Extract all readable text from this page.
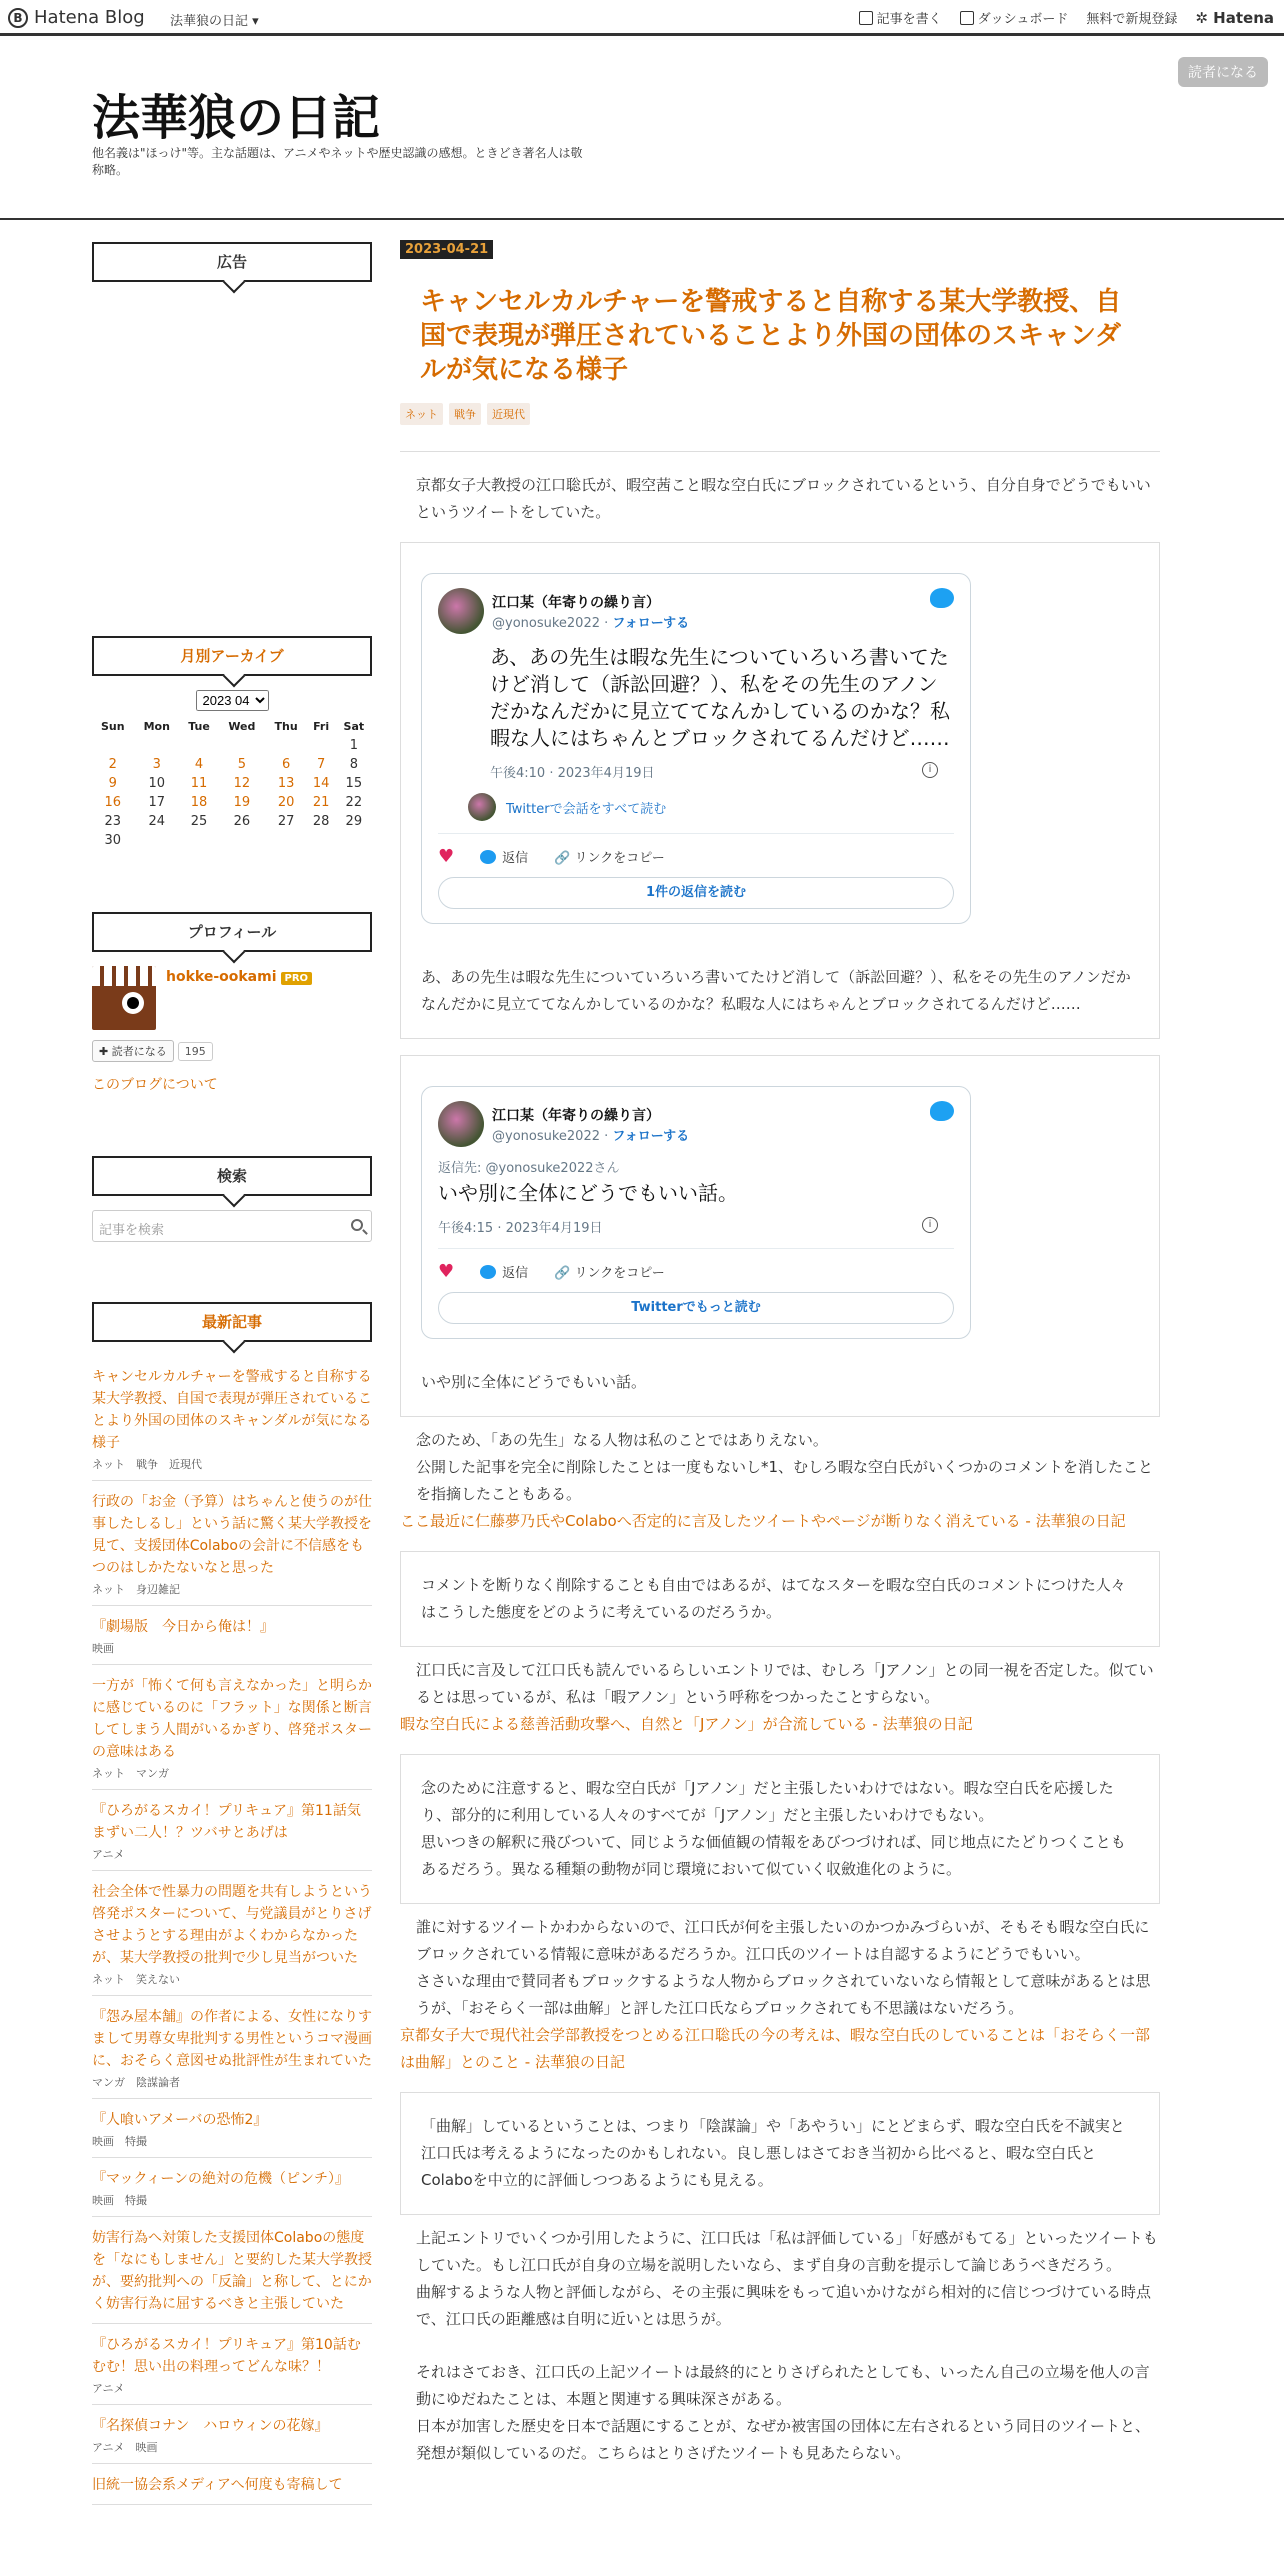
B Hatena Blog 法華狼の日記 ▾	記事を書く	ダッシュボード 無料で新規登録 ✲ Hatena
法華狼の日記
他名義は"ほっけ"等。主な話題は、アニメやネットや歴史認識の感想。ときどき著名人は敬称略。
読者になる
広告
月別アーカイブ
2023 04
Sun	Mon	Tue	Wed	Thu	Fri	Sat
						1
2	3	4	5	6	7	8
9	10	11	12	13	14	15
16	17	18	19	20	21	22
23	24	25	26	27	28	29
30						
プロフィール
hokke-ookami PRO
✚ 読者になる 195
このブログについて
検索
記事を検索
最新記事
キャンセルカルチャーを警戒すると自称する某大学教授、自国で表現が弾圧されていることより外国の団体のスキャンダルが気になる様子
ネット　戦争　近現代
行政の「お金（予算）はちゃんと使うのが仕事したしるし」という話に驚く某大学教授を見て、支援団体Colaboの会計に不信感をもつのはしかたないなと思った
ネット　身辺雑記
『劇場版　今日から俺は！』
映画
一方が「怖くて何も言えなかった」と明らかに感じているのに「フラット」な関係と断言してしまう人間がいるかぎり、啓発ポスターの意味はある
ネット　マンガ
『ひろがるスカイ！プリキュア』第11話気まずい二人！？ツバサとあげは
アニメ
社会全体で性暴力の問題を共有しようという啓発ポスターについて、与党議員がとりさげさせようとする理由がよくわからなかったが、某大学教授の批判で少し見当がついた
ネット　笑えない
『怨み屋本舗』の作者による、女性になりすまして男尊女卑批判する男性というコマ漫画に、おそらく意図せぬ批評性が生まれていた
マンガ　陰謀論者
『人喰いアメーバの恐怖2』
映画　特撮
『マックィーンの絶対の危機（ピンチ）』
映画　特撮
妨害行為へ対策した支援団体Colaboの態度を「なにもしません」と要約した某大学教授が、要約批判への「反論」と称して、とにかく妨害行為に屈するべきと主張していた
『ひろがるスカイ！プリキュア』第10話むむむ！思い出の料理ってどんな味？！
アニメ
『名探偵コナン　ハロウィンの花嫁』
アニメ　映画
旧統一協会系メディアへ何度も寄稿して
2023-04-21
キャンセルカルチャーを警戒すると自称する某大学教授、自国で表現が弾圧されていることより外国の団体のスキャンダルが気になる様子
ネット	戦争	近現代
京都女子大教授の江口聡氏が、暇空茜こと暇な空白氏にブロックされているという、自分自身でどうでもいいというツイートをしていた。
江口某（年寄りの繰り言）
@yonosuke2022 · フォローする
あ、あの先生は暇な先生についていろいろ書いてたけど消して（訴訟回避？）、私をその先生のアノンだかなんだかに見立ててなんかしているのかな？私暇な人にはちゃんとブロックされてるんだけど……
午後4:10 · 2023年4月19日	i
Twitterで会話をすべて読む
♥	返信 🔗 リンクをコピー
1件の返信を読む
あ、あの先生は暇な先生についていろいろ書いてたけど消して（訴訟回避？）、私をその先生のアノンだかなんだかに見立ててなんかしているのかな？私暇な人にはちゃんとブロックされてるんだけど……
江口某（年寄りの繰り言）
@yonosuke2022 · フォローする
返信先: @yonosuke2022さん
いや別に全体にどうでもいい話。
午後4:15 · 2023年4月19日	i
♥	返信 🔗 リンクをコピー
Twitterでもっと読む
いや別に全体にどうでもいい話。
念のため、「あの先生」なる人物は私のことではありえない。
公開した記事を完全に削除したことは一度もないし*1、むしろ暇な空白氏がいくつかのコメントを消したことを指摘したこともある。
ここ最近に仁藤夢乃氏やColaboへ否定的に言及したツイートやページが断りなく消えている - 法華狼の日記
コメントを断りなく削除することも自由ではあるが、はてなスターを暇な空白氏のコメントにつけた人々はこうした態度をどのように考えているのだろうか。
江口氏に言及して江口氏も読んでいるらしいエントリでは、むしろ「Jアノン」との同一視を否定した。似ているとは思っているが、私は「暇アノン」という呼称をつかったことすらない。
暇な空白氏による慈善活動攻撃へ、自然と「Jアノン」が合流している - 法華狼の日記
念のために注意すると、暇な空白氏が「Jアノン」だと主張したいわけではない。暇な空白氏を応援したり、部分的に利用している人々のすべてが「Jアノン」だと主張したいわけでもない。
思いつきの解釈に飛びついて、同じような価値観の情報をあびつづければ、同じ地点にたどりつくこともあるだろう。異なる種類の動物が同じ環境において似ていく収斂進化のように。
誰に対するツイートかわからないので、江口氏が何を主張したいのかつかみづらいが、そもそも暇な空白氏にブロックされている情報に意味があるだろうか。江口氏のツイートは自認するようにどうでもいい。
ささいな理由で賛同者もブロックするような人物からブロックされていないなら情報として意味があるとは思うが、「おそらく一部は曲解」と評した江口氏ならブロックされても不思議はないだろう。
京都女子大で現代社会学部教授をつとめる江口聡氏の今の考えは、暇な空白氏のしていることは「おそらく一部は曲解」とのこと - 法華狼の日記
「曲解」しているということは、つまり「陰謀論」や「あやうい」にとどまらず、暇な空白氏を不誠実と江口氏は考えるようになったのかもしれない。良し悪しはさておき当初から比べると、暇な空白氏とColaboを中立的に評価しつつあるようにも見える。
上記エントリでいくつか引用したように、江口氏は「私は評価している」「好感がもてる」といったツイートもしていた。もし江口氏が自身の立場を説明したいなら、まず自身の言動を提示して論じあうべきだろう。
曲解するような人物と評価しながら、その主張に興味をもって追いかけながら相対的に信じつづけている時点で、江口氏の距離感は自明に近いとは思うが。
それはさておき、江口氏の上記ツイートは最終的にとりさげられたとしても、いったん自己の立場を他人の言動にゆだねたことは、本題と関連する興味深さがある。
日本が加害した歴史を日本で話題にすることが、なぜか被害国の団体に左右されるという同日のツイートと、発想が類似しているのだ。こちらはとりさげたツイートも見あたらない。
